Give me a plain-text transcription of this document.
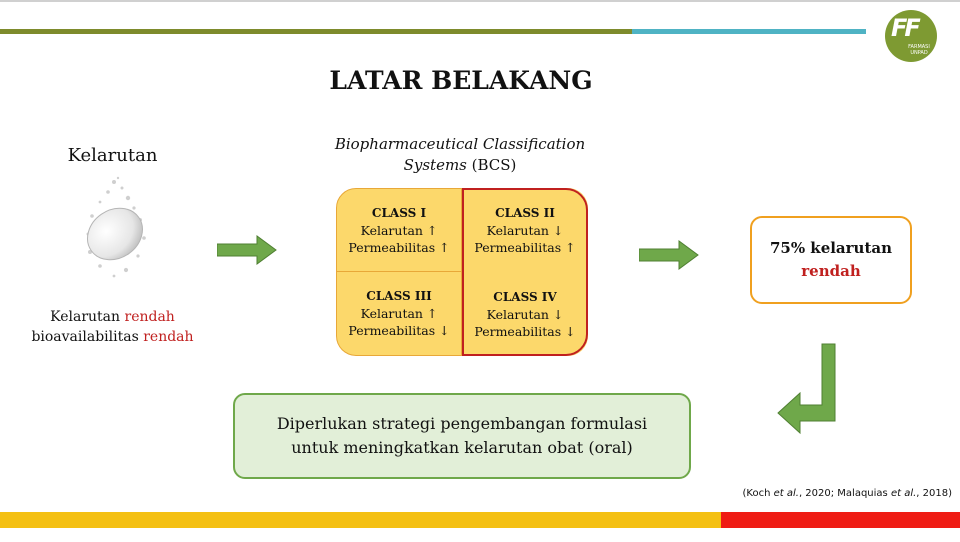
FF
FARMASI UNPAD
LATAR BELAKANG
Kelarutan
Kelarutan rendah
bioavailabilitas rendah
Biopharmaceutical Classification Systems (BCS)
CLASS I
Kelarutan ↑
Permeabilitas ↑
CLASS II
Kelarutan ↓
Permeabilitas ↑
CLASS III
Kelarutan ↑
Permeabilitas ↓
CLASS IV
Kelarutan ↓
Permeabilitas ↓
75% kelarutan
rendah
Diperlukan strategi pengembangan formulasi
untuk meningkatkan kelarutan obat (oral)
(Koch et al., 2020; Malaquias et al., 2018)
